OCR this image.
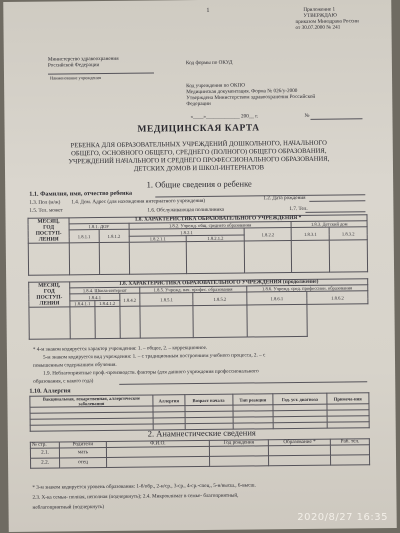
1	Приложение 1
УТВЕРЖДАЮ
приказом Минздрава России
от 30.07.2000 № 241
Министерство здравоохранения
Российской Федерации	Код формы по ОКУД
Наименование учреждения
Код учреждения по ОКПО
Медицинская документация. Форма № 026/у-2000
Утверждена Министерством здравоохранения Российской
Федерации
«____»_____________ 200__ г.	№
МЕДИЦИНСКАЯ КАРТА
РЕБЕНКА ДЛЯ ОБРАЗОВАТЕЛЬНЫХ УЧРЕЖДЕНИЙ ДОШКОЛЬНОГО, НАЧАЛЬНОГО
ОБЩЕГО, ОСНОВНОГО ОБЩЕГО, СРЕДНЕГО (ПОЛНОГО) ОБЩЕГО ОБРАЗОВАНИЯ,
УЧРЕЖДЕНИЙ НАЧАЛЬНОГО И СРЕДНЕГО ПРОФЕССИОНАЛЬНОГО ОБРАЗОВАНИЯ,
ДЕТСКИХ ДОМОВ И ШКОЛ-ИНТЕРНАТОВ
1. Общие сведения о ребенке
1.1. Фамилия, имя, отчество ребенка
1.3. Пол (м/ж) 1.4. Дом. Адрес (для нахождения интернатного учреждения)	1.2. Дата рождения
1.5. Тел. может	1.6. Обслуживающая поликлиника	1.7. Тел.
МЕСЯЦ,
ГОД
ПОСТУП-
ЛЕНИЯ	1.8. ХАРАКТЕРИСТИКА ОБРАЗОВАТЕЛЬНОГО УЧРЕЖДЕНИЯ *						
	1.8.1. ДОУ		1.8.2. Учрежд. общ. среднего образования			1.8.3. Детский дом	
	1.8.1.1	1.8.1.2	1.8.2.1		1.8.2.2	1.8.3.1	1.8.3.2
			1.8.2.1.1	1.8.2.1.2			

МЕСЯЦ,
ГОД
ПОСТУП-
ЛЕНИЯ	1.8. ХАРАКТЕРИСТИКА ОБРАЗОВАТЕЛЬНОГО УЧРЕЖДЕНИЯ (продолжение)						
	1.8.4. Школа-интернат			1.8.5. Учрежд. нач. профес. образования		1.8.6. Учрежд. сред. профессион. образования	
	1.8.4.1		1.8.4.2	1.8.5.1	1.8.5.2	1.8.6.1	1.8.6.2
	1.8.4.1.1	1.8.4.1.2					

* 4-м знаком кодируется характер учреждения: 1. – общее, 2. – коррекционное.
5-м знаком кодируется вид учреждения: 1. – с традиционным построением учебного процесса, 2. – с
повышенным содержанием обучения.
1.9. Неблагоприятные проф.-производств. факторы (для данного учреждения профессионального
образования, с какого года)
1.10. Аллергия
Вакцинальная, лекарственная, аллергические заболевания	Аллергия	Возраст начала	Тип реакции	Год. уст. диагноза	Примеча-ния

2. Анамнестические сведения
№ стр.	Родители	Ф.И.О.	Год рождения	Образование *	Раб. тел.
2.1.	мать				
2.2.	отец				
* 3-м знаком кодируется уровень образования: 1-б/обр., 2-н/ср., 3-ср., 4-ср.-спец., 5-н/высш., 6-высш.
2.3. Х-ка семьи- полная, неполная (подчеркнуть); 2.4. Микроклимат в семье- благоприятный,
неблагоприятный (подчеркнуть)
2020/8/27 16:35
